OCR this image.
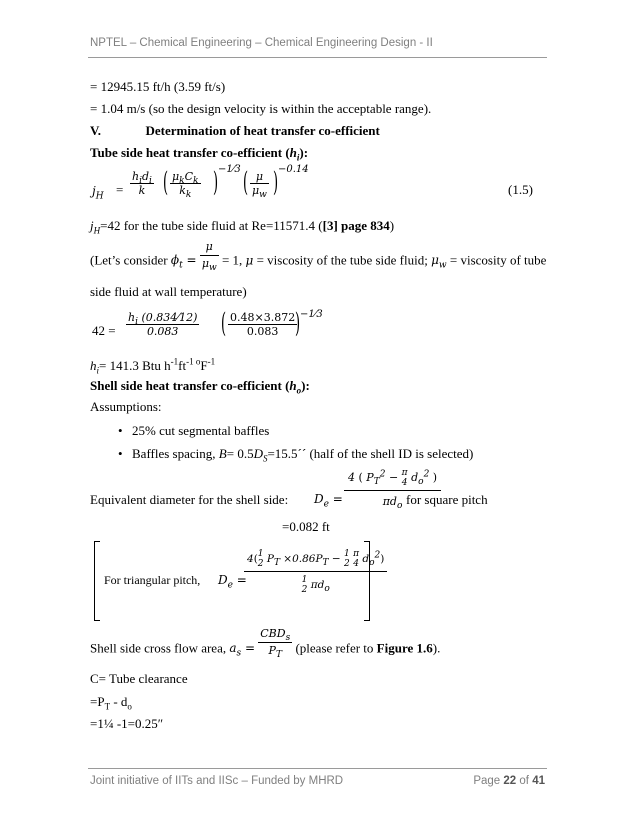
NPTEL – Chemical Engineering – Chemical Engineering Design - II
= 12945.15 ft/h (3.59 ft/s)
= 1.04 m/s (so the design velocity is within the acceptable range).
V.	Determination of heat transfer co-efficient
Tube side heat transfer co-efficient $(h_i)$:
$j_H = \frac{h_id_i}{k}$ ( $\frac{\mu_kC_k}{k_k}$ ) −1⁄3 ( $\frac{\mu}{\mu_w}$ ) −0.14
(1.5)
$j_H=42$ for the tube side fluid at Re=11571.4 ([3] page 834)
(Let’s consider $\phi_t = \frac{\mu}{\mu_w} = 1$, μ = viscosity of the tube side fluid; $\mu_w$ = viscosity of tube
side fluid at wall temperature)
$42 = \frac{h_i (0.834⁄12)}{0.083}$ ( $\frac{0.48\times 3.872}{0.083}$
) −1⁄3
$h_i= 141.3$ Btu $h^{-1}ft^{-1 o}F^{-1}$
Shell side heat transfer co-efficient $(h_o)$:
Assumptions:
• 25% cut segmental baffles
• Baffles spacing, $B= 0.5D_S=15.5´´$ (half of the shell ID is selected)
Equivalent diameter for the shell side: $D_e$ =
4 ( $P_T^2 - \pi$
4 $d_o^2$ )
$\pi d_o$ for square pitch
=0.082 ft
For triangular pitch, $D_e$ =
4(1
2 $P_T \times 0.86P_T - 1$
2 π
4 $d_o^2$)
1
2 $\pi d_o$
Shell side cross flow area, $a_s = \frac{CBD_s}{P_T}$ (please refer to Figure 1.6).
C= Tube clearance
$=P_T - d_o$
=1¼ -1=0.25″
Joint initiative of IITs and IISc – Funded by MHRD	Page 22 of 41
